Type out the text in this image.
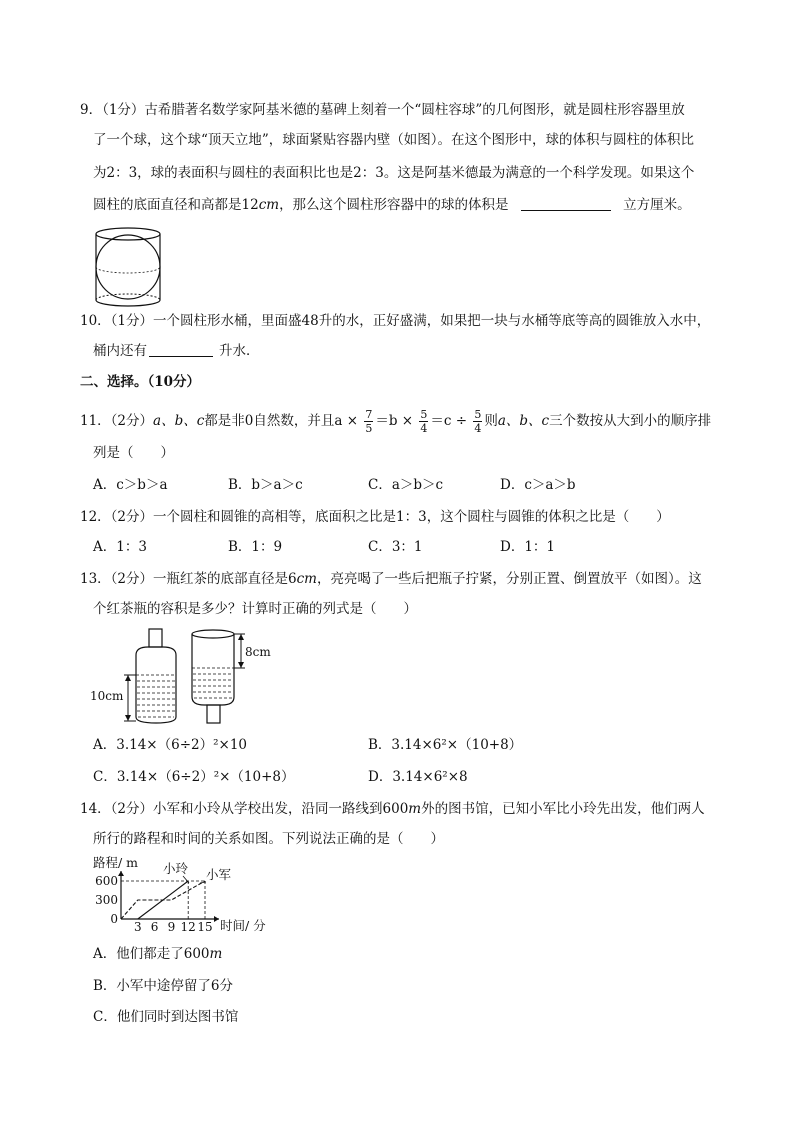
9．（1分）古希腊著名数学家阿基米德的墓碑上刻着一个“圆柱容球”的几何图形，就是圆柱形容器里放
了一个球，这个球“顶天立地”，球面紧贴容器内壁（如图）。在这个图形中，球的体积与圆柱的体积比
为2：3，球的表面积与圆柱的表面积比也是2：3。这是阿基米德最为满意的一个科学发现。如果这个
圆柱的底面直径和高都是12cm，那么这个圆柱形容器中的球的体积是	立方厘米。
10．（1分）一个圆柱形水桶，里面盛48升的水，正好盛满，如果把一块与水桶等底等高的圆锥放入水中，
桶内还有	升水．
二、选择。（10分）
11．（2分）a、b、c都是非0自然数，并且$a \times \frac{7}{5} =b \times \frac{5}{4} =c \div \frac{5}{4}$ 则a、b、c三个数按从大到小的顺序排
列是（　　）
A．c＞b＞a	B．b＞a＞c	C．a＞b＞c	D．c＞a＞b
12．（2分）一个圆柱和圆锥的高相等，底面积之比是1：3，这个圆柱与圆锥的体积之比是（　　）
A．1：3	B．1：9	C．3：1	D．1：1
13．（2分）一瓶红茶的底部直径是6cm，亮亮喝了一些后把瓶子拧紧，分别正置、倒置放平（如图）。这
个红茶瓶的容积是多少？计算时正确的列式是（　　）
10cm
8cm
A．3.14×（6÷2）²×10	B．3.14×6²×（10+8）
C．3.14×（6÷2）²×（10+8）	D．3.14×6²×8
14．（2分）小军和小玲从学校出发，沿同一路线到600m外的图书馆，已知小军比小玲先出发，他们两人
所行的路程和时间的关系如图。下列说法正确的是（　　）
路程/ m
时间/ 分
3 6 9 12 15
0
300
600
小玲 小军
A．他们都走了600m
B．小军中途停留了6分
C．他们同时到达图书馆
